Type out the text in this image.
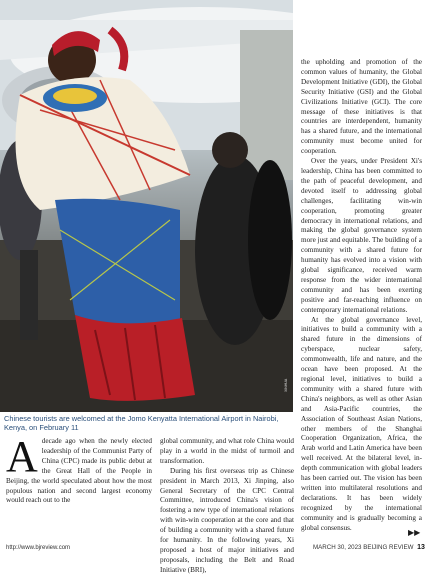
XINHUA
Chinese tourists are welcomed at the Jomo Kenyatta International Airport in Nairobi, Kenya, on February 11
A decade ago when the newly elected leadership of the Communist Party of China (CPC) made its public debut at the Great Hall of the People in Beijing, the world speculated about how the most populous nation and second largest economy would reach out to the

global community, and what role China would play in a world in the midst of turmoil and transformation.

During his first overseas trip as Chinese president in March 2013, Xi Jinping, also General Secretary of the CPC Central Committee, introduced China's vision of fostering a new type of international relations with win-win cooperation at the core and that of building a community with a shared future for humanity. In the following years, Xi proposed a host of major initiatives and proposals, including the Belt and Road Initiative (BRI),

the upholding and promotion of the common values of humanity, the Global Development Initiative (GDI), the Global Security Initiative (GSI) and the Global Civilizations Initiative (GCI). The core message of these initiatives is that countries are interdependent, humanity has a shared future, and the international community must become united for cooperation.

Over the years, under President Xi's leadership, China has been committed to the path of peaceful development, and devoted itself to addressing global challenges, facilitating win-win cooperation, promoting greater democracy in international relations, and making the global governance system more just and equitable. The building of a community with a shared future for humanity has evolved into a vision with global significance, received warm response from the wider international community and has been exerting positive and far-reaching influence on contemporary international relations.

At the global governance level, initiatives to build a community with a shared future in the dimensions of cyberspace, nuclear safety, commonwealth, life and nature, and the ocean have been proposed. At the regional level, initiatives to build a community with a shared future with China's neighbors, as well as other Asian and Asia-Pacific countries, the Association of Southeast Asian Nations, other members of the Shanghai Cooperation Organization, Africa, the Arab world and Latin America have been well received. At the bilateral level, in-depth communication with global leaders has been carried out. The vision has been written into multilateral resolutions and declarations. It has been widely recognized by the international community and is gradually becoming a global consensus.

▶▶
http://www.bjreview.com	MARCH 30, 2023 BEIJING REVIEW 13
